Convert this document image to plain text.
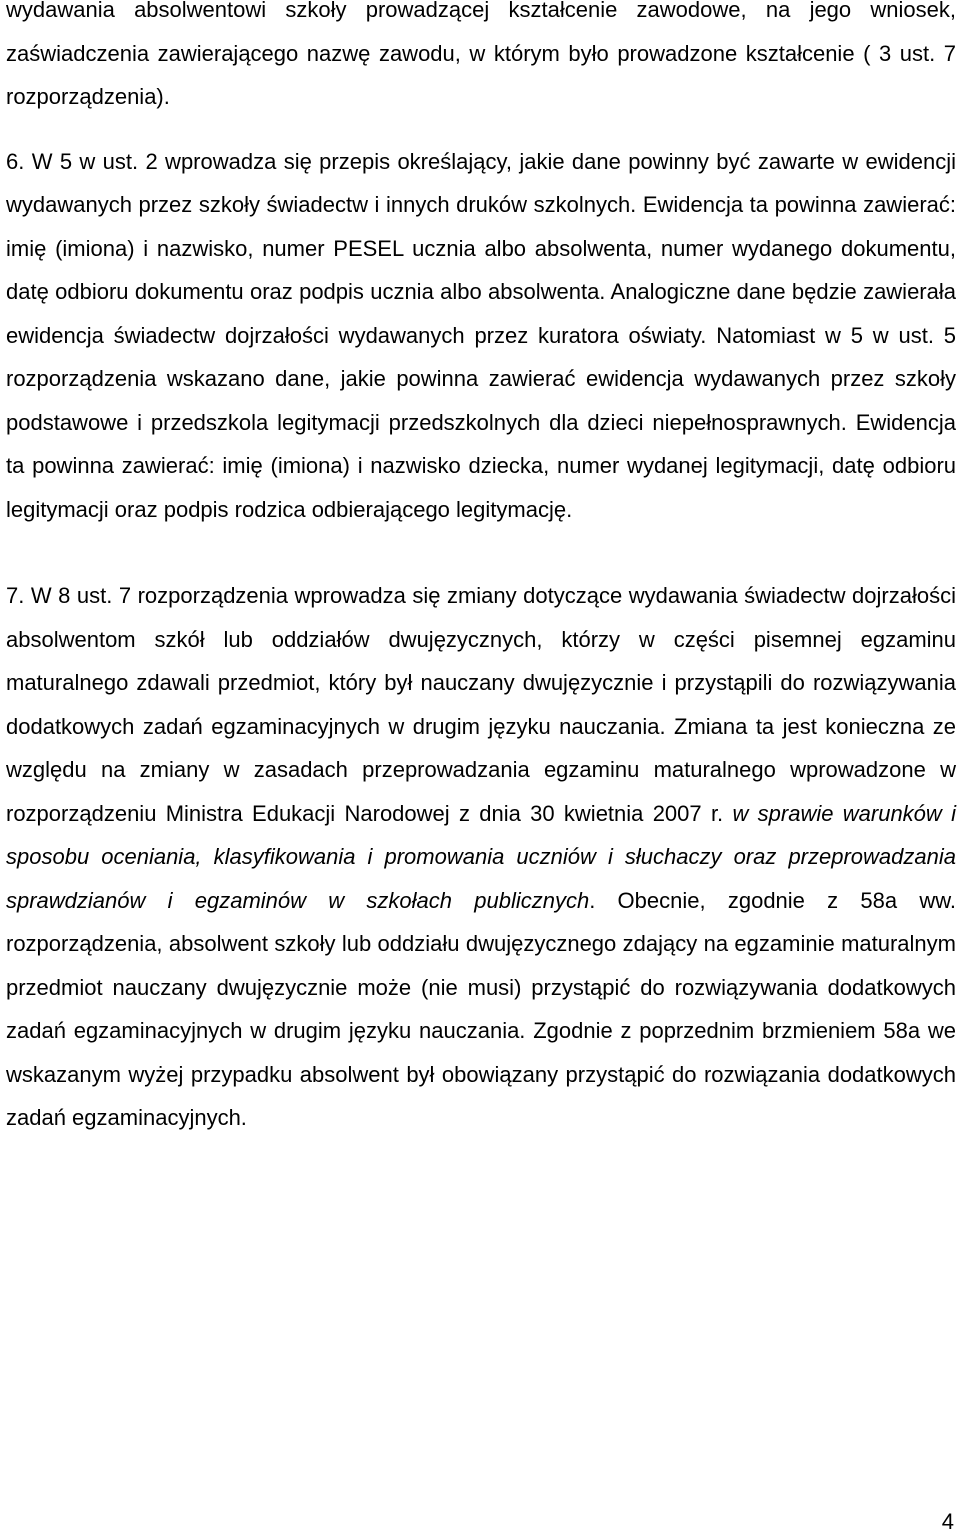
wydawania absolwentowi szkoły prowadzącej kształcenie zawodowe, na jego wniosek, zaświadczenia zawierającego nazwę zawodu, w którym było prowadzone kształcenie ( 3 ust. 7 rozporządzenia).

6. W 5 w ust. 2 wprowadza się przepis określający, jakie dane powinny być zawarte w ewidencji wydawanych przez szkoły świadectw i innych druków szkolnych. Ewidencja ta powinna zawierać: imię (imiona) i nazwisko, numer PESEL ucznia albo absolwenta, numer wydanego dokumentu, datę odbioru dokumentu oraz podpis ucznia albo absolwenta. Analogiczne dane będzie zawierała ewidencja świadectw dojrzałości wydawanych przez kuratora oświaty. Natomiast w 5 w ust. 5 rozporządzenia wskazano dane, jakie powinna zawierać ewidencja wydawanych przez szkoły podstawowe i przedszkola legitymacji przedszkolnych dla dzieci niepełnosprawnych. Ewidencja ta powinna zawierać: imię (imiona) i nazwisko dziecka, numer wydanej legitymacji, datę odbioru legitymacji oraz podpis rodzica odbierającego legitymację.

7. W 8 ust. 7 rozporządzenia wprowadza się zmiany dotyczące wydawania świadectw dojrzałości absolwentom szkół lub oddziałów dwujęzycznych, którzy w części pisemnej egzaminu maturalnego zdawali przedmiot, który był nauczany dwujęzycznie i przystąpili do rozwiązywania dodatkowych zadań egzaminacyjnych w drugim języku nauczania. Zmiana ta jest konieczna ze względu na zmiany w zasadach przeprowadzania egzaminu maturalnego wprowadzone w rozporządzeniu Ministra Edukacji Narodowej z dnia 30 kwietnia 2007 r. w sprawie warunków i sposobu oceniania, klasyfikowania i promowania uczniów i słuchaczy oraz przeprowadzania sprawdzianów i egzaminów w szkołach publicznych. Obecnie, zgodnie z 58a ww. rozporządzenia, absolwent szkoły lub oddziału dwujęzycznego zdający na egzaminie maturalnym przedmiot nauczany dwujęzycznie może (nie musi) przystąpić do rozwiązywania dodatkowych zadań egzaminacyjnych w drugim języku nauczania. Zgodnie z poprzednim brzmieniem 58a we wskazanym wyżej przypadku absolwent był obowiązany przystąpić do rozwiązania dodatkowych zadań egzaminacyjnych.

4
